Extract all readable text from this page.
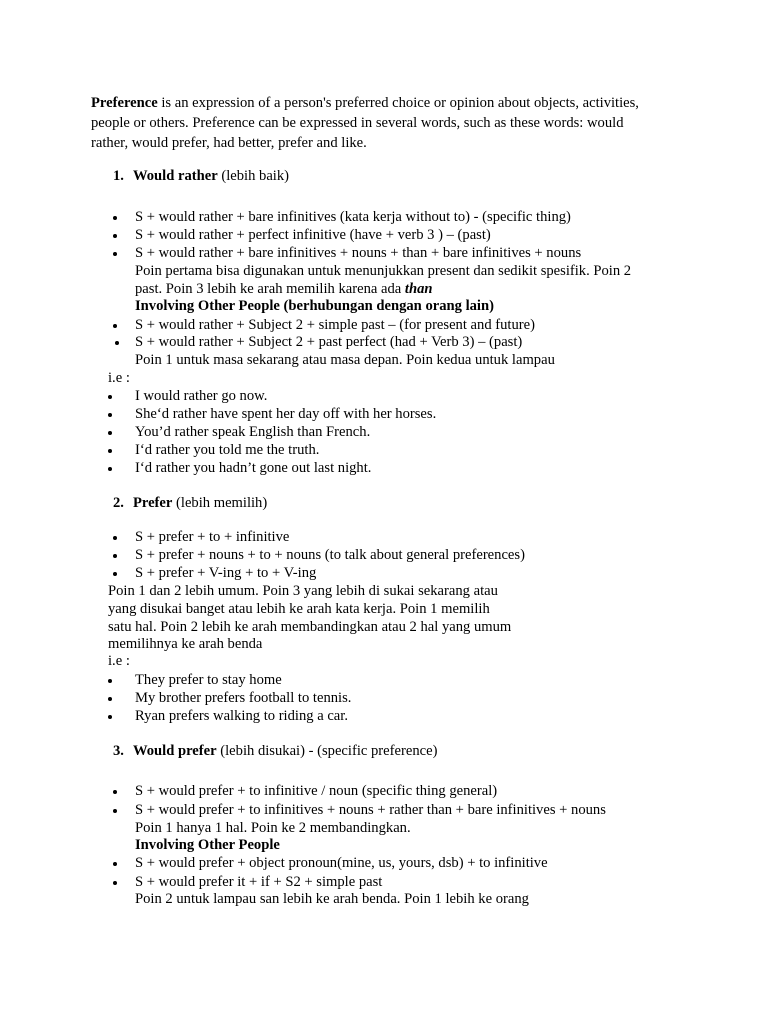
Preference is an expression of a person's preferred choice or opinion about objects, activities,
people or others. Preference can be expressed in several words, such as these words: would
rather, would prefer, had better, prefer and like.
1. Would rather (lebih baik)
S + would rather + bare infinitives (kata kerja without to) - (specific thing)
S + would rather + perfect infinitive (have + verb 3 ) – (past)
S + would rather + bare infinitives + nouns + than + bare infinitives + nouns
Poin pertama bisa digunakan untuk menunjukkan present dan sedikit spesifik. Poin 2
past. Poin 3 lebih ke arah memilih karena ada than
Involving Other People (berhubungan dengan orang lain)
S + would rather + Subject 2 + simple past – (for present and future)
S + would rather + Subject 2 + past perfect (had + Verb 3) – (past)
Poin 1 untuk masa sekarang atau masa depan. Poin kedua untuk lampau
i.e :
I would rather go now.
She‘d rather have spent her day off with her horses.
You’d rather speak English than French.
I‘d rather you told me the truth.
I‘d rather you hadn’t gone out last night.
2. Prefer (lebih memilih)
S + prefer + to + infinitive
S + prefer + nouns + to + nouns (to talk about general preferences)
S + prefer + V-ing + to + V-ing
Poin 1 dan 2 lebih umum. Poin 3 yang lebih di sukai sekarang atau
yang disukai banget atau lebih ke arah kata kerja. Poin 1 memilih
satu hal. Poin 2 lebih ke arah membandingkan atau 2 hal yang umum
memilihnya ke arah benda
i.e :
They prefer to stay home
My brother prefers football to tennis.
Ryan prefers walking to riding a car.
3. Would prefer (lebih disukai) - (specific preference)
S + would prefer + to infinitive / noun (specific thing general)
S + would prefer + to infinitives + nouns + rather than + bare infinitives + nouns
Poin 1 hanya 1 hal. Poin ke 2 membandingkan.
Involving Other People
S + would prefer + object pronoun(mine, us, yours, dsb) + to infinitive
S + would prefer it + if + S2 + simple past
Poin 2 untuk lampau san lebih ke arah benda. Poin 1 lebih ke orang
